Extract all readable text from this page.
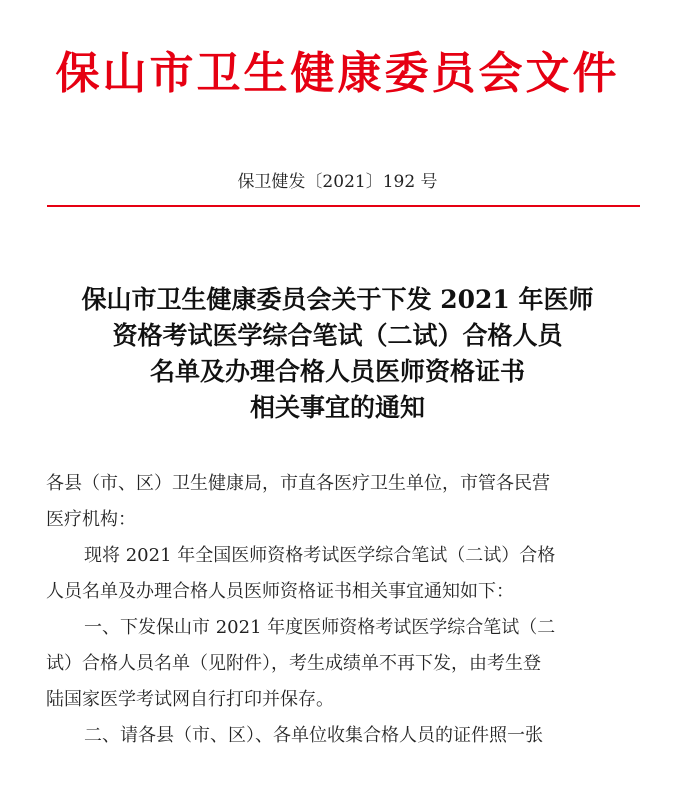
保山市卫生健康委员会文件
保卫健发〔2021〕192 号
保山市卫生健康委员会关于下发 2021 年医师
资格考试医学综合笔试（二试）合格人员
名单及办理合格人员医师资格证书
相关事宜的通知
各县（市、区）卫生健康局，市直各医疗卫生单位，市管各民营
医疗机构：
现将 2021 年全国医师资格考试医学综合笔试（二试）合格
人员名单及办理合格人员医师资格证书相关事宜通知如下：
一、下发保山市 2021 年度医师资格考试医学综合笔试（二
试）合格人员名单（见附件），考生成绩单不再下发，由考生登
陆国家医学考试网自行打印并保存。
二、请各县（市、区）、各单位收集合格人员的证件照一张
